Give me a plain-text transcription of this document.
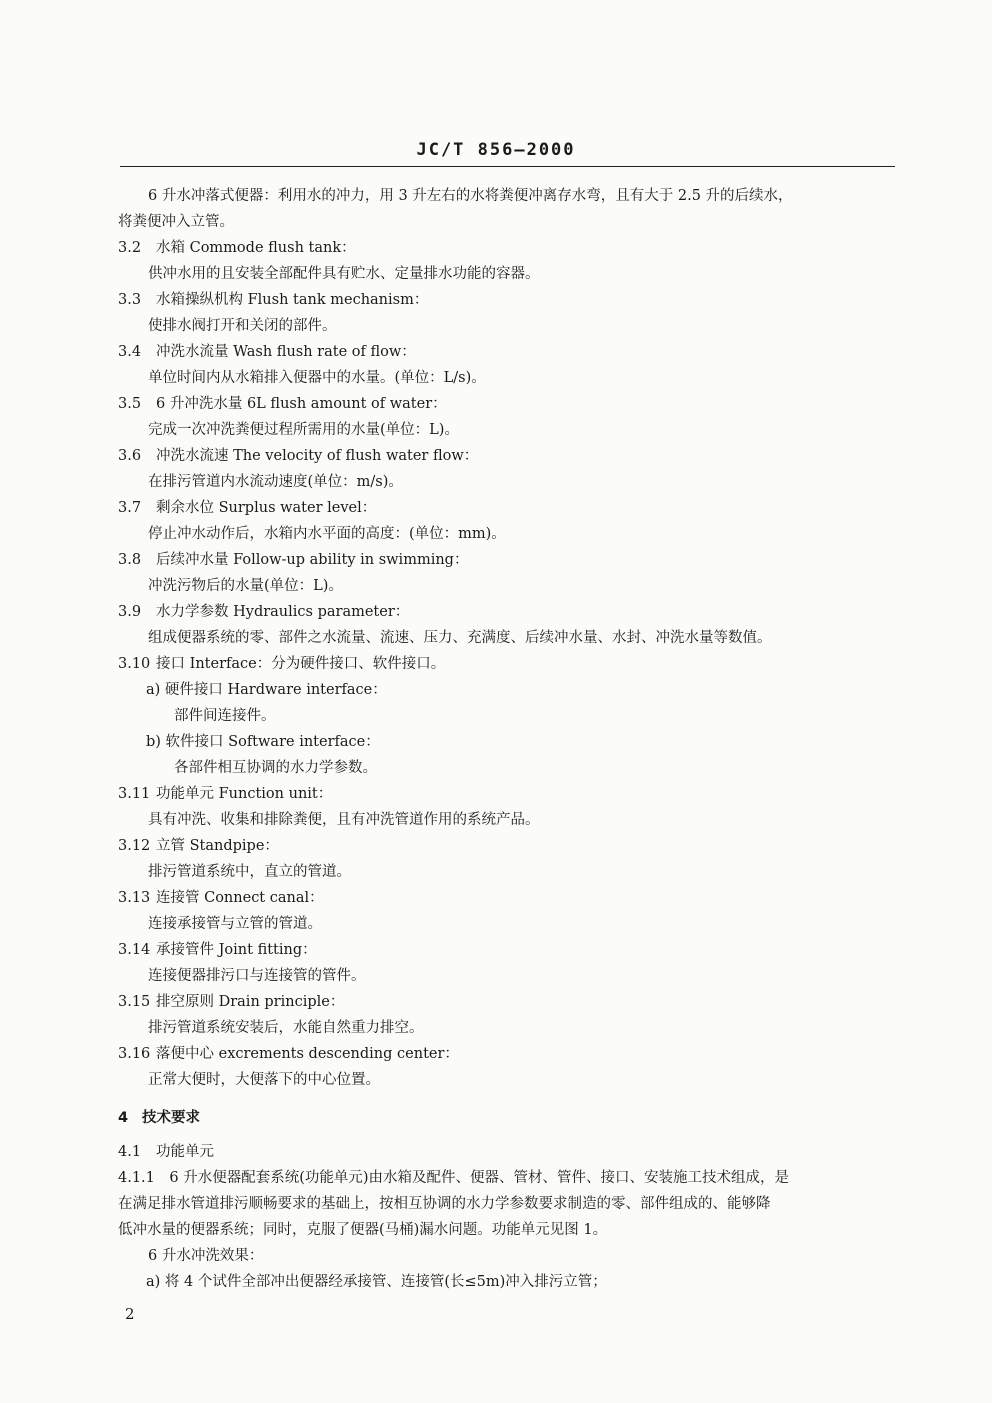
JC/T 856—2000
6 升水冲落式便器：利用水的冲力，用 3 升左右的水将粪便冲离存水弯，且有大于 2.5 升的后续水，
将粪便冲入立管。
3.2 水箱 Commode flush tank：
供冲水用的且安装全部配件具有贮水、定量排水功能的容器。
3.3 水箱操纵机构 Flush tank mechanism：
使排水阀打开和关闭的部件。
3.4 冲洗水流量 Wash flush rate of flow：
单位时间内从水箱排入便器中的水量。(单位：L/s)。
3.5 6 升冲洗水量 6L flush amount of water：
完成一次冲洗粪便过程所需用的水量(单位：L)。
3.6 冲洗水流速 The velocity of flush water flow：
在排污管道内水流动速度(单位：m/s)。
3.7 剩余水位 Surplus water level：
停止冲水动作后，水箱内水平面的高度：(单位：mm)。
3.8 后续冲水量 Follow-up ability in swimming：
冲洗污物后的水量(单位：L)。
3.9 水力学参数 Hydraulics parameter：
组成便器系统的零、部件之水流量、流速、压力、充满度、后续冲水量、水封、冲洗水量等数值。
3.10 接口 Interface：分为硬件接口、软件接口。
a) 硬件接口 Hardware interface：
部件间连接件。
b) 软件接口 Software interface：
各部件相互协调的水力学参数。
3.11 功能单元 Function unit：
具有冲洗、收集和排除粪便，且有冲洗管道作用的系统产品。
3.12 立管 Standpipe：
排污管道系统中，直立的管道。
3.13 连接管 Connect canal：
连接承接管与立管的管道。
3.14 承接管件 Joint fitting：
连接便器排污口与连接管的管件。
3.15 排空原则 Drain principle：
排污管道系统安装后，水能自然重力排空。
3.16 落便中心 excrements descending center：
正常大便时，大便落下的中心位置。
4 技术要求
4.1 功能单元
4.1.1　6 升水便器配套系统(功能单元)由水箱及配件、便器、管材、管件、接口、安装施工技术组成，是
在满足排水管道排污顺畅要求的基础上，按相互协调的水力学参数要求制造的零、部件组成的、能够降
低冲水量的便器系统；同时，克服了便器(马桶)漏水问题。功能单元见图 1。
6 升水冲洗效果：
a) 将 4 个试件全部冲出便器经承接管、连接管(长≤5m)冲入排污立管；
2
